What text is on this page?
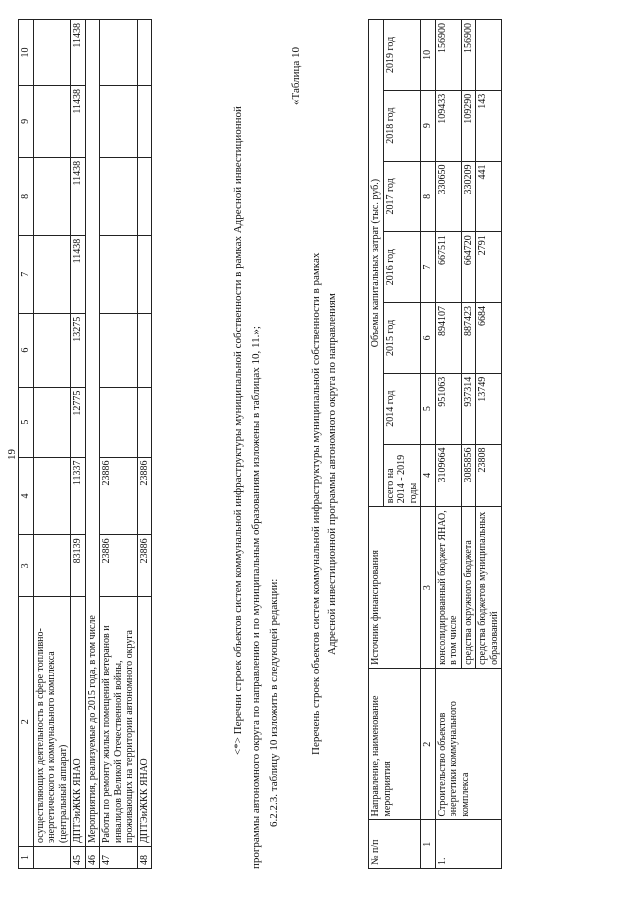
19
1	2	3	4	5	6	7	8	9	10
	осуществляющих деятельность в сфере топливно-энергетического и коммунального комплекса (центральный аппарат)								
45	ДПТЭиЖКК ЯНАО	83139	11337	12775	13275	11438	11438	11438	11438
46	Мероприятия, реализуемые до 2015 года, в том числе								
47	Работы по ремонту жилых помещений ветеранов и инвалидов Великой Отечественной войны, проживающих на территории автономного округа	23886	23886						
48	ДПТЭиЖКК ЯНАО	23886	23886							<*> Перечни строек объектов систем коммунальной инфраструктуры муниципальной собственности в рамках Адресной инвестиционной программы автономного округа по направлению и по муниципальным образованиям изложены в таблицах 10, 11.»; 6.2.2.3. таблицу 10 изложить в следующей редакции:
«Таблица 10
Перечень строек объектов систем коммунальной инфраструктуры муниципальной собственности в рамках Адресной инвестиционной программы автономного округа по направлениям
№ п/п	Направление, наименование мероприятия	Источник финансирования	Объемы капитальных затрат (тыс. руб.)						
			всего на 2014 - 2019 годы	2014 год	2015 год	2016 год	2017 год	2018 год	2019 год
1	2	3	4	5	6	7	8	9	10
1.	Строительство объектов энергетики коммунального комплекса	консолидированный бюджет ЯНАО, в том числе	3109664	951063	894107	667511	330650	109433	156900
		средства окружного бюджета	3085856	937314	887423	664720	330209	109290	156900
		средства бюджетов муниципальных образований	23808	13749	6684	2791	441	143	
